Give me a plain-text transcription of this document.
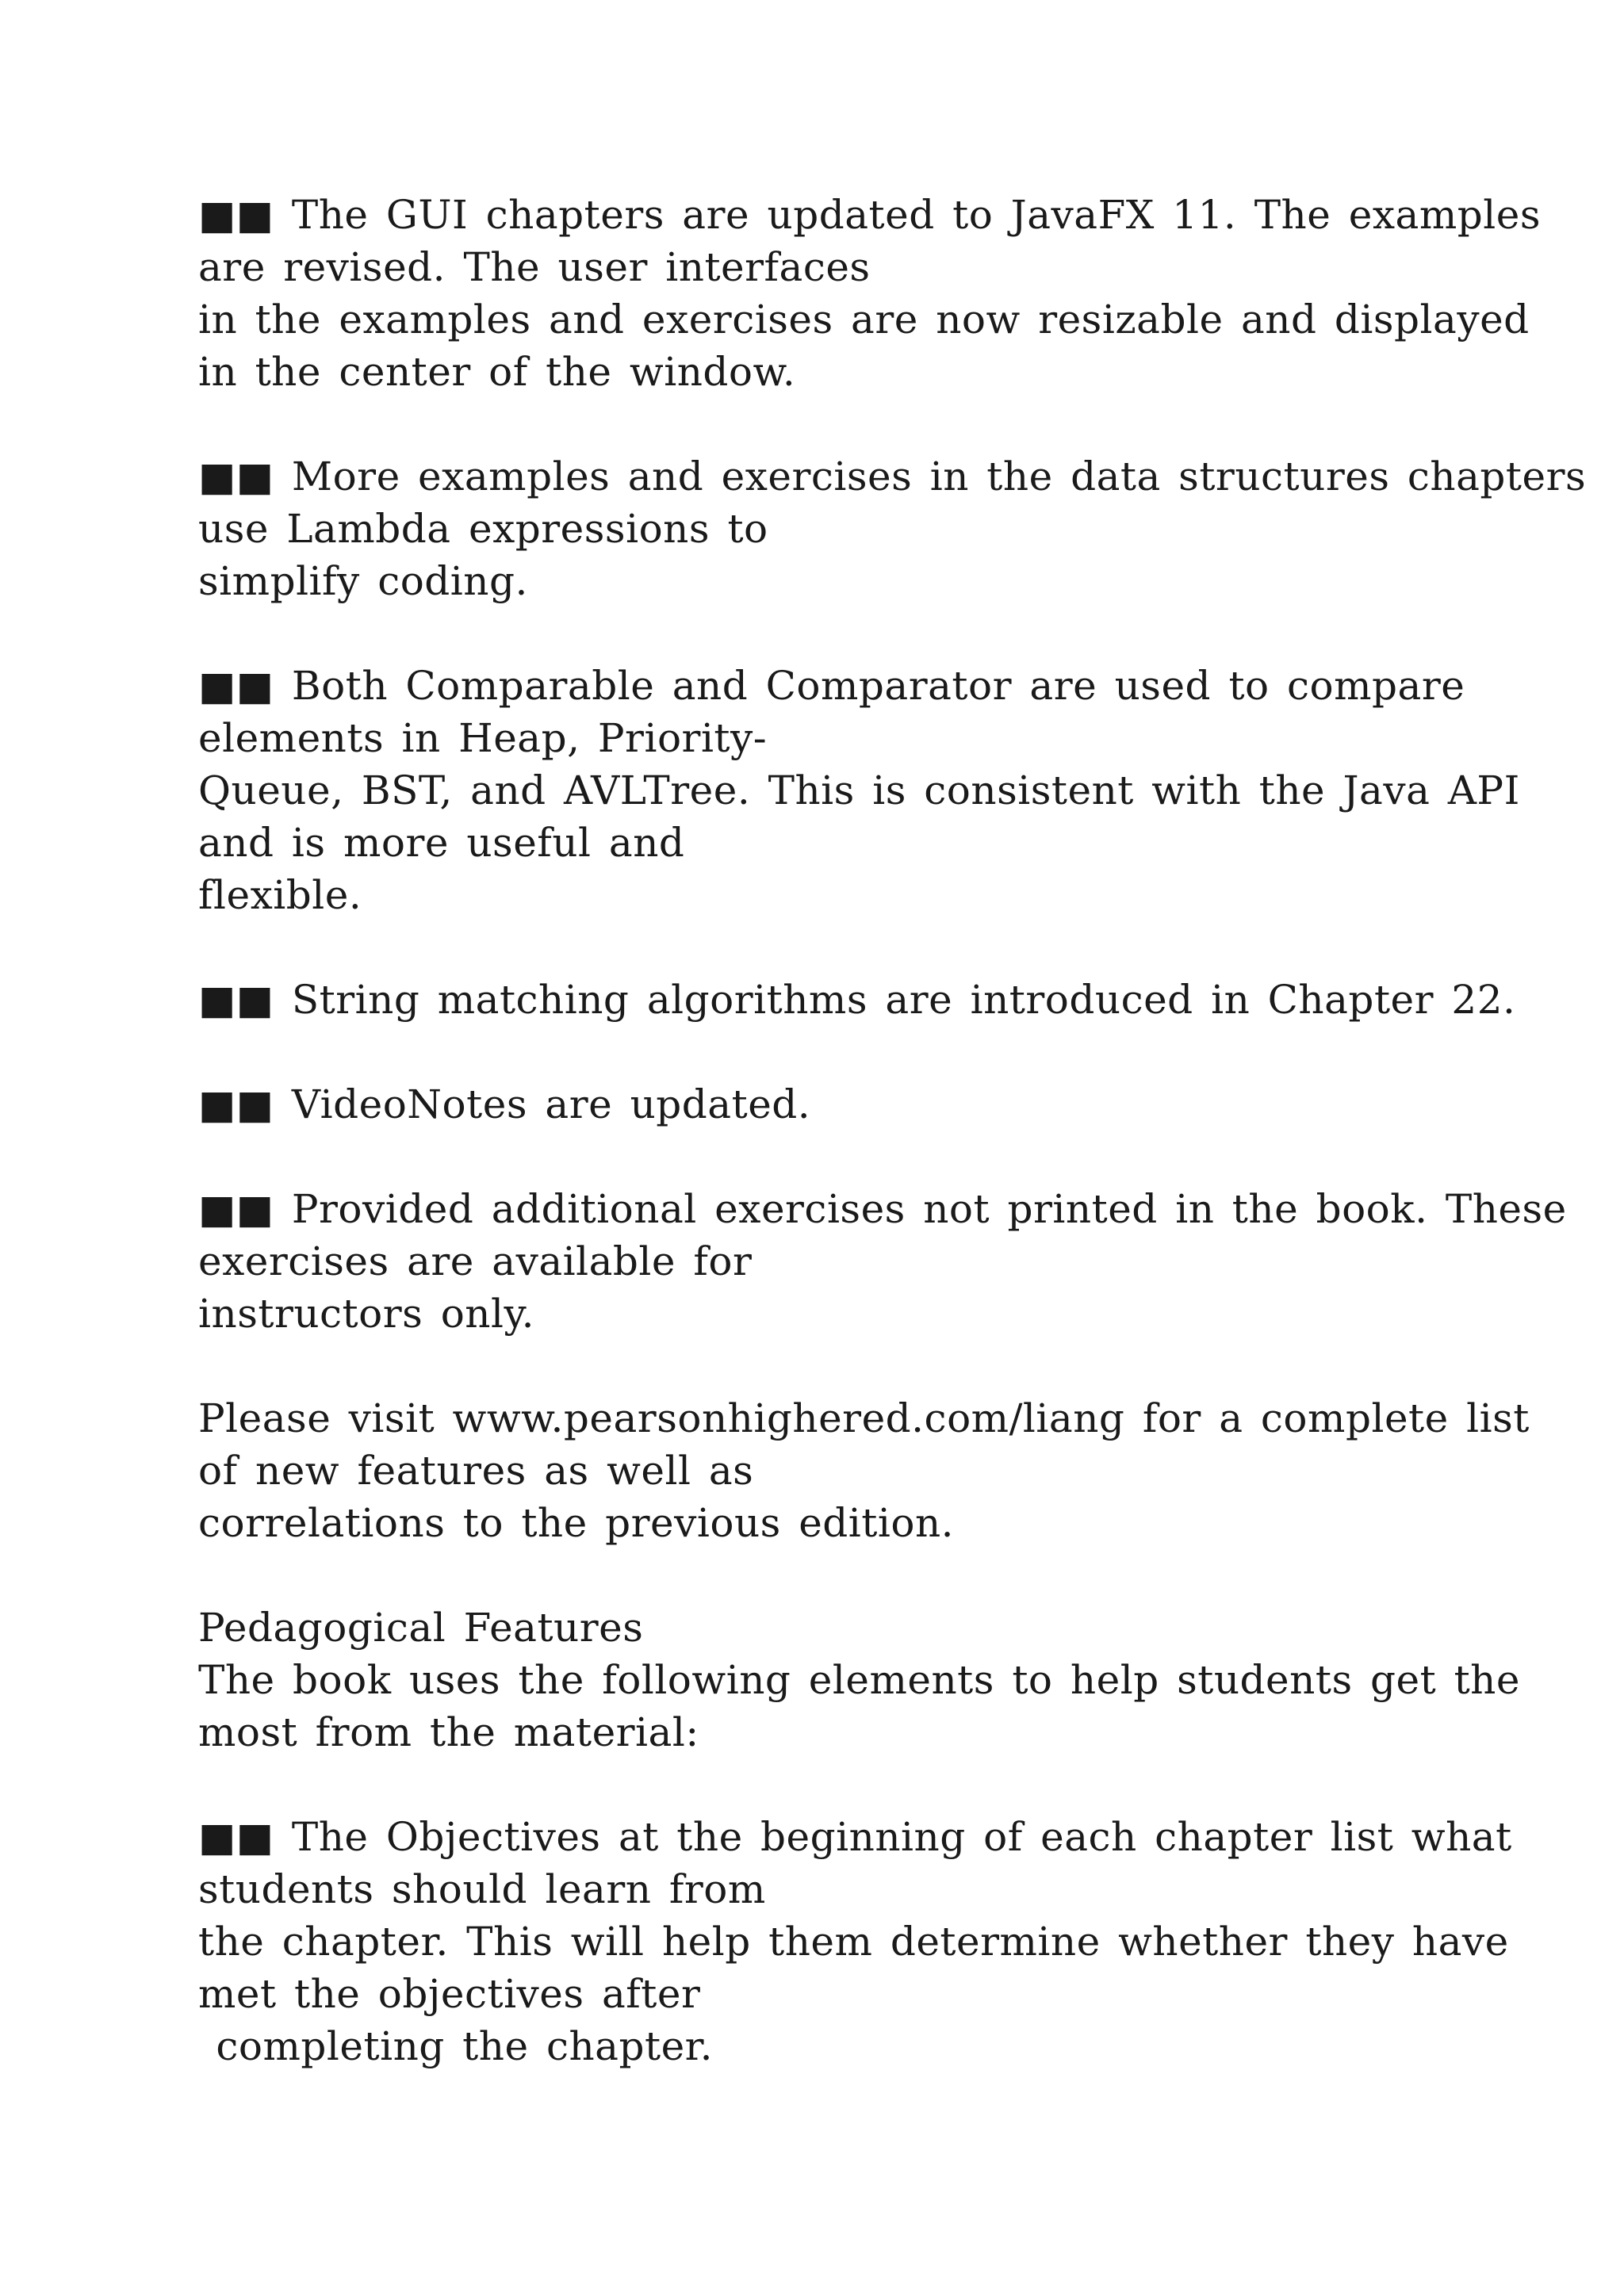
■■ The GUI chapters are updated to JavaFX 11. The examples
are revised. The user interfaces
in the examples and exercises are now resizable and displayed
in the center of the window.
■■ More examples and exercises in the data structures chapters
use Lambda expressions to
simplify coding.
■■ Both Comparable and Comparator are used to compare
elements in Heap, Priority-
Queue, BST, and AVLTree. This is consistent with the Java API
and is more useful and
flexible.
■■ String matching algorithms are introduced in Chapter 22.
■■ VideoNotes are updated.
■■ Provided additional exercises not printed in the book. These
exercises are available for
instructors only.
Please visit www.pearsonhighered.com/liang for a complete list
of new features as well as
correlations to the previous edition.
Pedagogical Features
The book uses the following elements to help students get the
most from the material:
■■ The Objectives at the beginning of each chapter list what
students should learn from
the chapter. This will help them determine whether they have
met the objectives after
completing the chapter.
